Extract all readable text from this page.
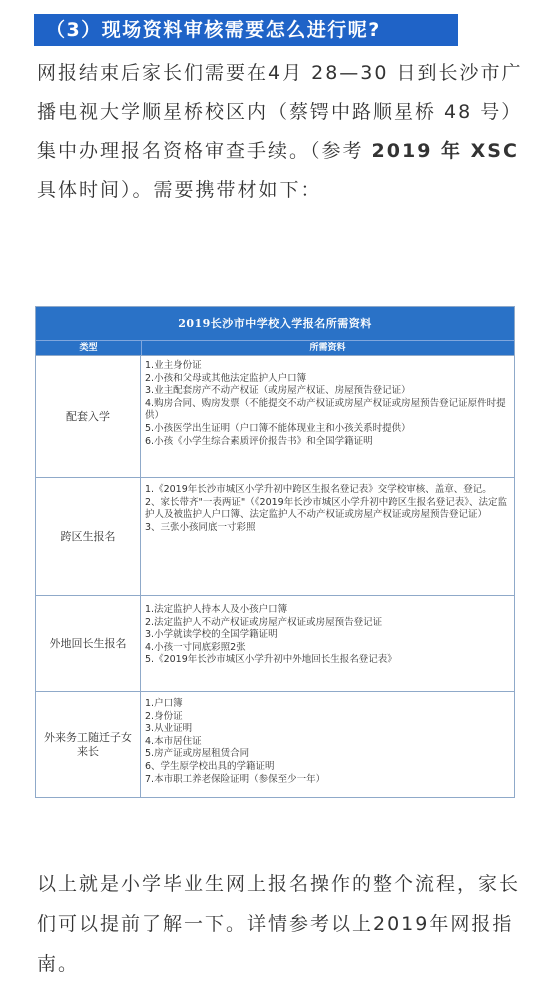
（3）现场资料审核需要怎么进行呢?
网报结束后家长们需要在4月 28—30 日到长沙市广播电视大学顺星桥校区内（蔡锷中路顺星桥 48 号）集中办理报名资格审查手续。（参考 2019 年 XSC 具体时间）。需要携带材如下：
2019长沙市中学校入学报名所需资料
类型	所需资料
配套入学
1.业主身份证
2.小孩和父母或其他法定监护人户口簿
3.业主配套房产不动产权证（或房屋产权证、房屋预告登记证）
4.购房合同、购房发票（不能提交不动产权证或房屋产权证或房屋预告登记证原件时提供）
5.小孩医学出生证明（户口簿不能体现业主和小孩关系时提供）
6.小孩《小学生综合素质评价报告书》和全国学籍证明
跨区生报名
1.《2019年长沙市城区小学升初中跨区生报名登记表》交学校审核、盖章、登记。
2、家长带齐"一表两证"（《2019年长沙市城区小学升初中跨区生报名登记表》、法定监护人及被监护人户口簿、法定监护人不动产权证或房屋产权证或房屋预告登记证）
3、三张小孩同底一寸彩照
外地回长生报名
1.法定监护人持本人及小孩户口簿
2.法定监护人不动产权证或房屋产权证或房屋预告登记证
3.小学就读学校的全国学籍证明
4.小孩一寸同底彩照2张
5.《2019年长沙市城区小学升初中外地回长生报名登记表》
外来务工随迁子女来长
1.户口簿
2.身份证
3.从业证明
4.本市居住证
5.房产证或房屋租赁合同
6、学生原学校出具的学籍证明
7.本市职工养老保险证明（参保至少一年）
以上就是小学毕业生网上报名操作的整个流程，家长们可以提前了解一下。详情参考以上2019年网报指南。
